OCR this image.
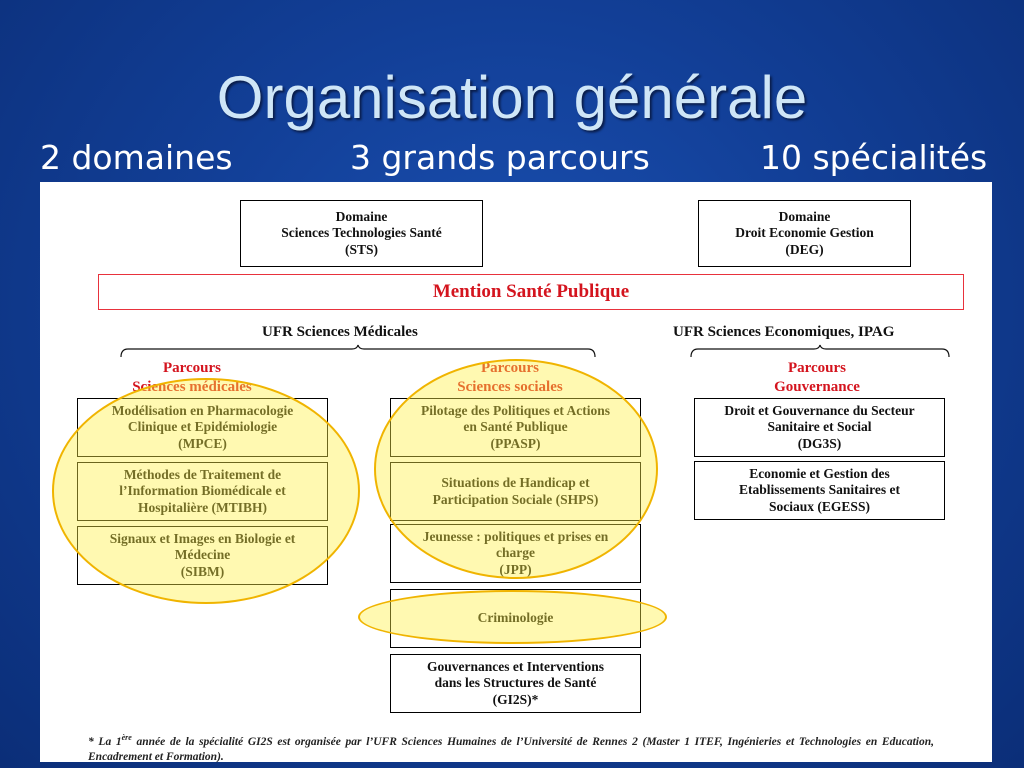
Organisation générale
2 domaines	3 grands parcours	10 spécialités
Domaine
Sciences Technologies Santé
(STS)
Domaine
Droit Economie Gestion
(DEG)
Mention Santé Publique
UFR Sciences Médicales	UFR Sciences Economiques, IPAG
Parcours
Sciences médicales
Parcours
Sciences sociales
Parcours
Gouvernance
Modélisation en Pharmacologie
Clinique et Epidémiologie
(MPCE)
Méthodes de Traitement de
l’Information Biomédicale et
Hospitalière (MTIBH)
Signaux et Images en Biologie et
Médecine
(SIBM)
Pilotage des Politiques et Actions
en Santé Publique
(PPASP)
Situations de Handicap et
Participation Sociale (SHPS)
Jeunesse : politiques et prises en
charge
(JPP)
Criminologie
Gouvernances et Interventions
dans les Structures de Santé
(GI2S)*
Droit et Gouvernance du Secteur
Sanitaire et Social
(DG3S)
Economie et Gestion des
Etablissements Sanitaires et
Sociaux (EGESS)
* La 1ère année de la spécialité GI2S est organisée par l’UFR Sciences Humaines de l’Université de Rennes 2 (Master 1 ITEF, Ingénieries et Technologies en Education, Encadrement et Formation).
